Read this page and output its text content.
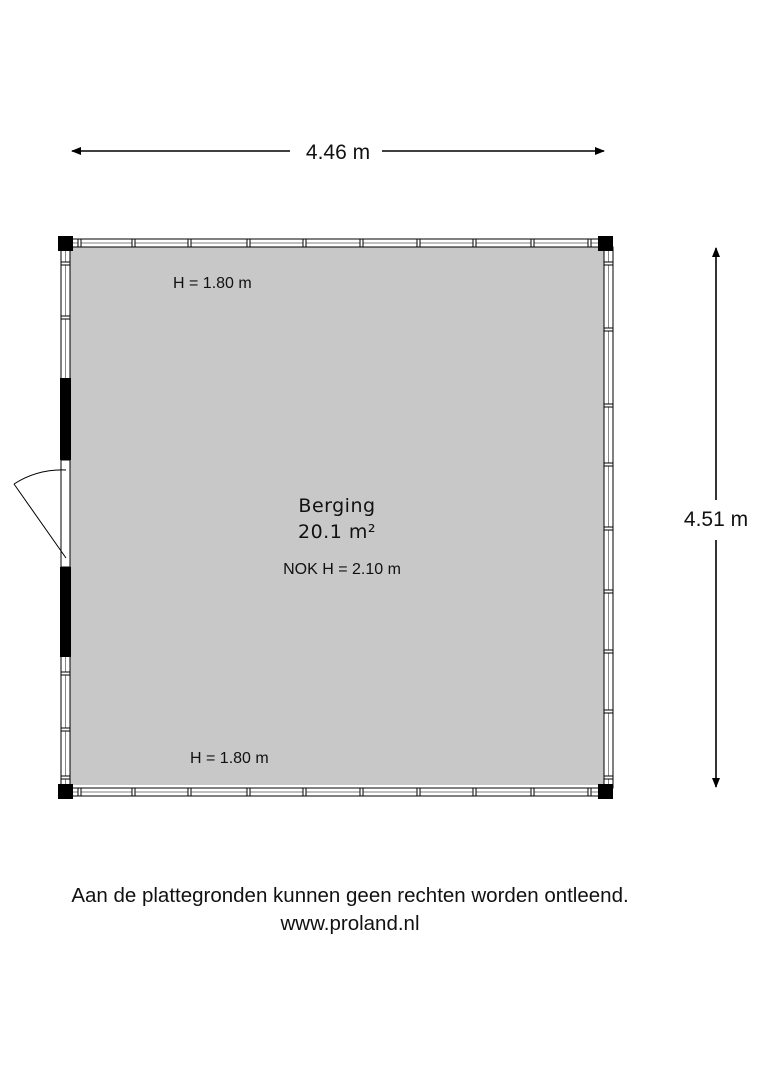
4.46 m
4.51 m
H = 1.80 m
Berging
20.1 m²
NOK H = 2.10 m
H = 1.80 m
Aan de plattegronden kunnen geen rechten worden ontleend.
www.proland.nl
